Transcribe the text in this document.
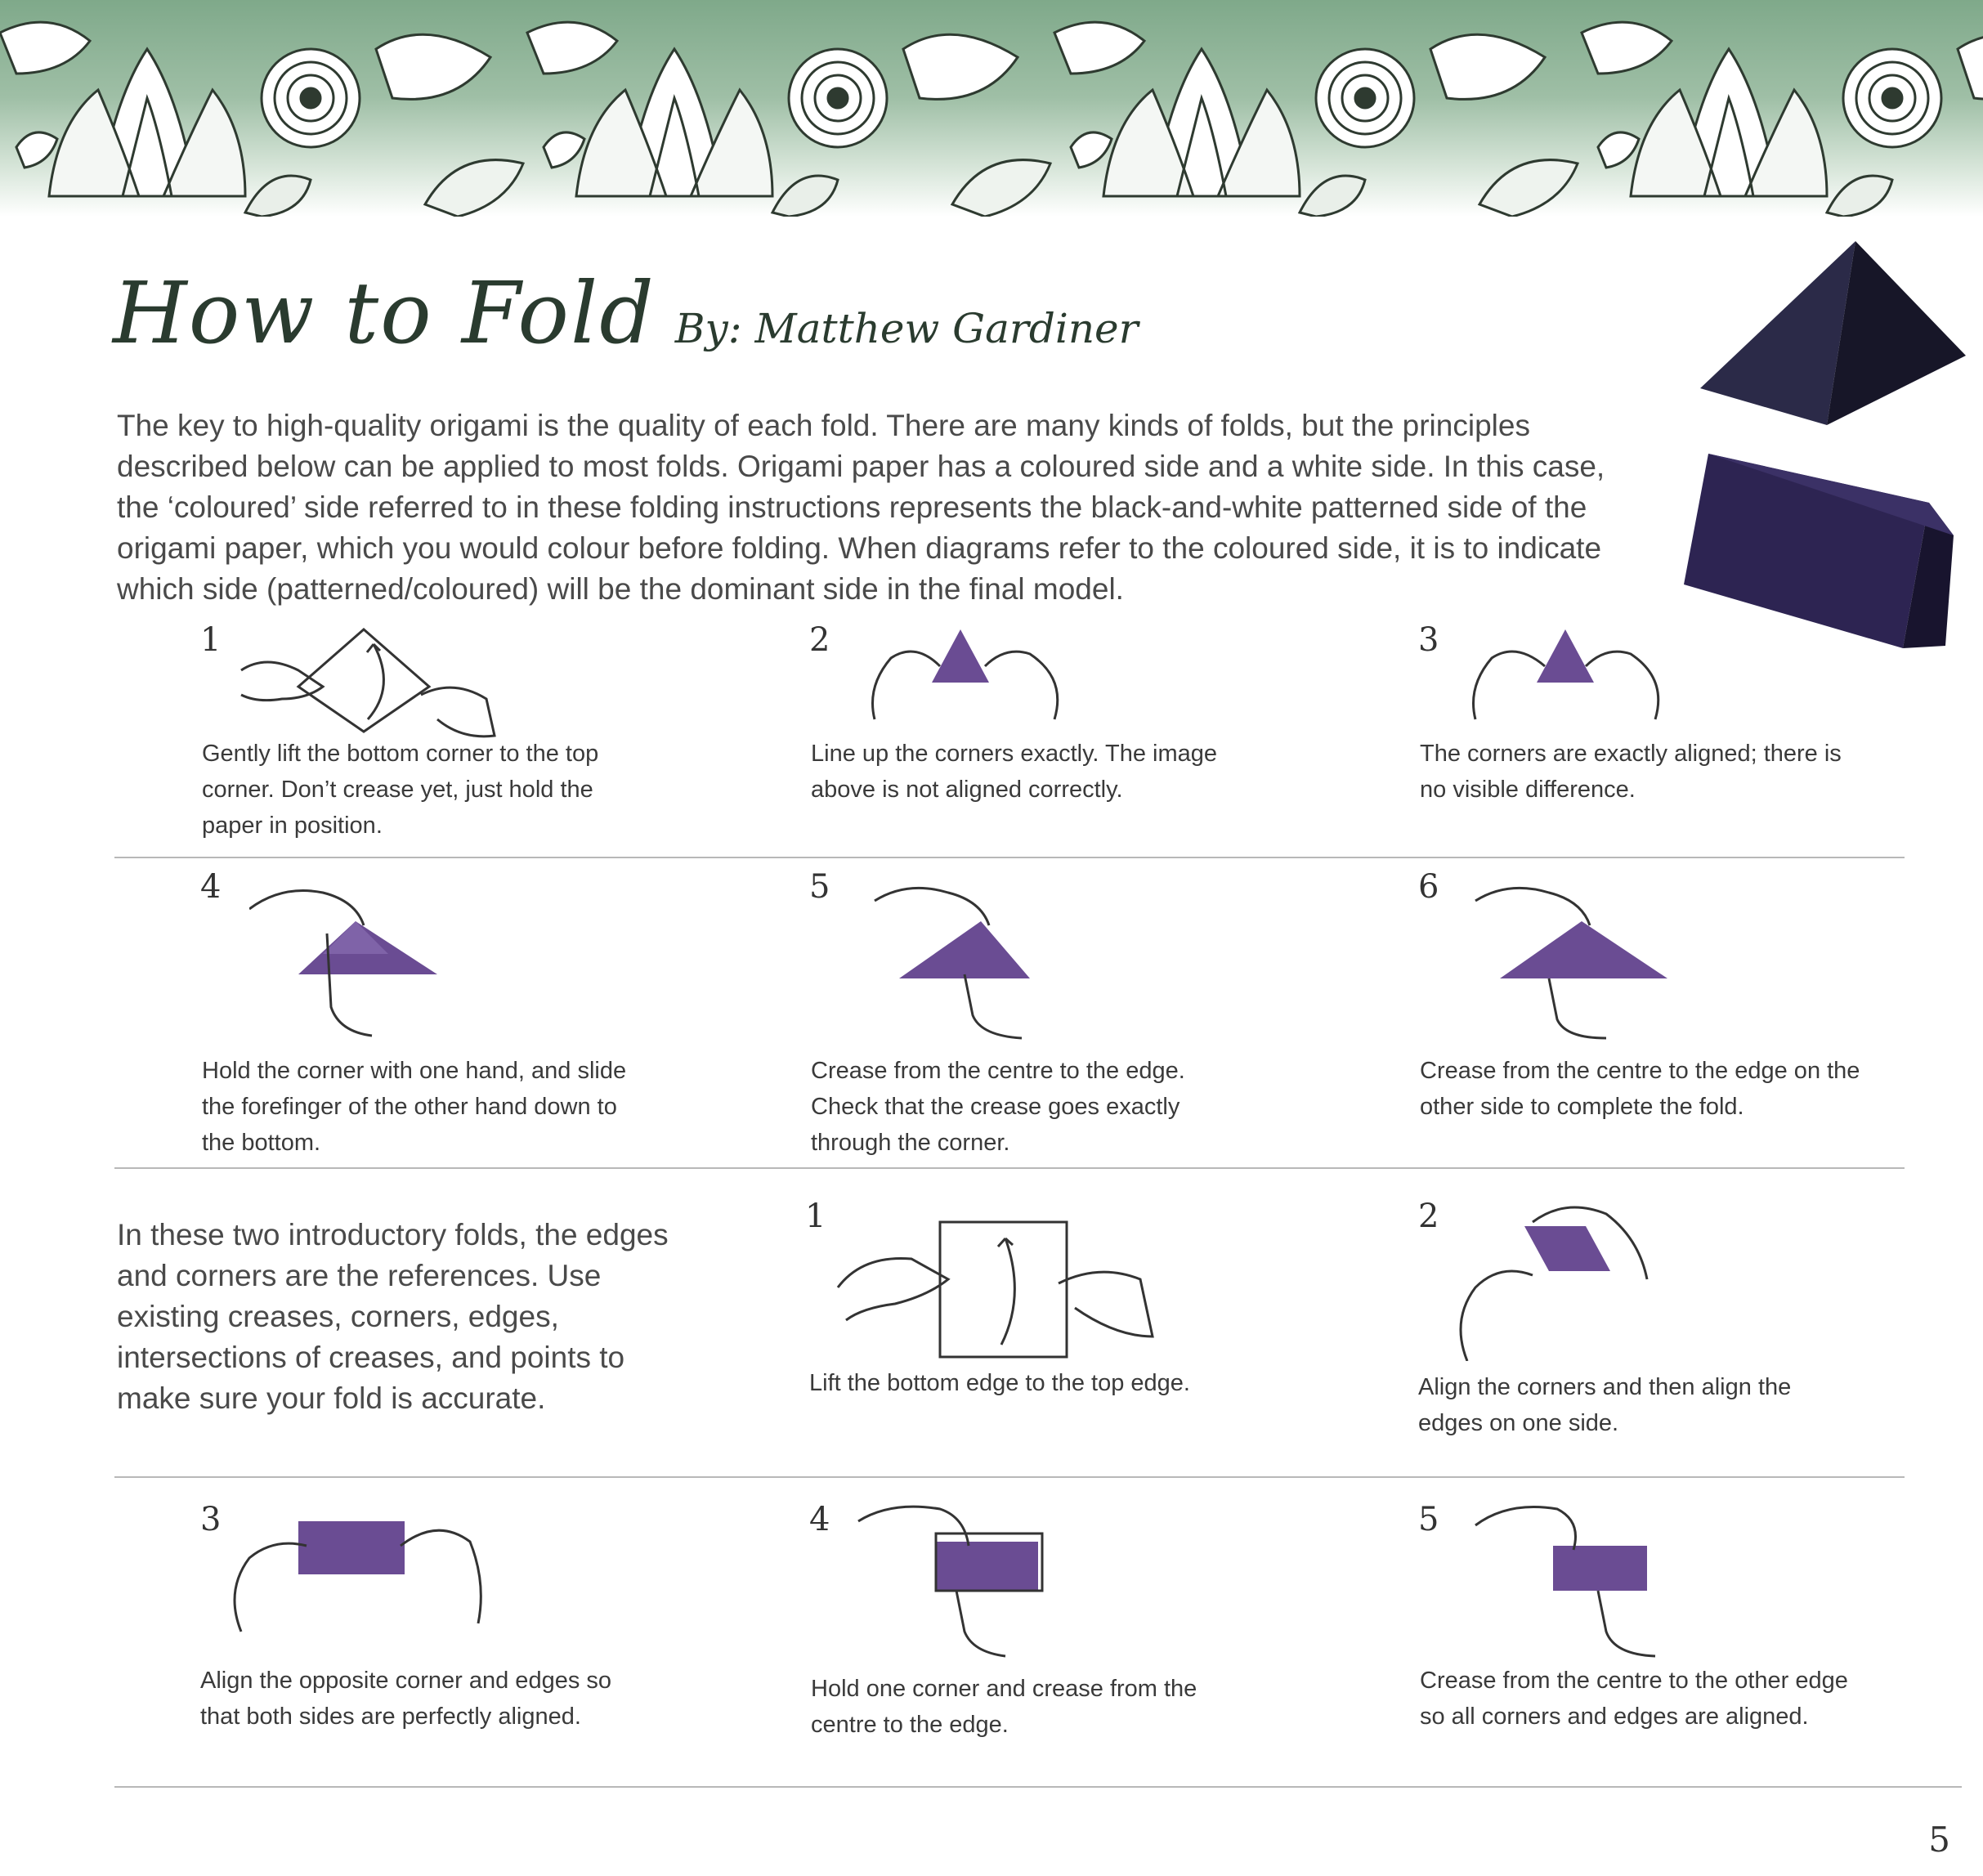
How to Fold By: Matthew Gardiner
The key to high-quality origami is the quality of each fold. There are many kinds of folds, but the principles described below can be applied to most folds. Origami paper has a coloured side and a white side. In this case, the ‘coloured’ side referred to in these folding instructions represents the black-and-white patterned side of the origami paper, which you would colour before folding. When diagrams refer to the coloured side, it is to indicate which side (patterned/coloured) will be the dominant side in the final model.
1
Gently lift the bottom corner to the top corner. Don’t crease yet, just hold the paper in position.
2
Line up the corners exactly. The image above is not aligned correctly.
3
The corners are exactly aligned; there is no visible difference.
4
Hold the corner with one hand, and slide the forefinger of the other hand down to the bottom.
5
Crease from the centre to the edge. Check that the crease goes exactly through the corner.
6
Crease from the centre to the edge on the other side to complete the fold.
In these two introductory folds, the edges and corners are the references. Use existing creases, corners, edges, intersections of creases, and points to make sure your fold is accurate.
1
Lift the bottom edge to the top edge.
2
Align the corners and then align the edges on one side.
3
Align the opposite corner and edges so that both sides are perfectly aligned.
4
Hold one corner and crease from the centre to the edge.
5
Crease from the centre to the other edge so all corners and edges are aligned.
5
